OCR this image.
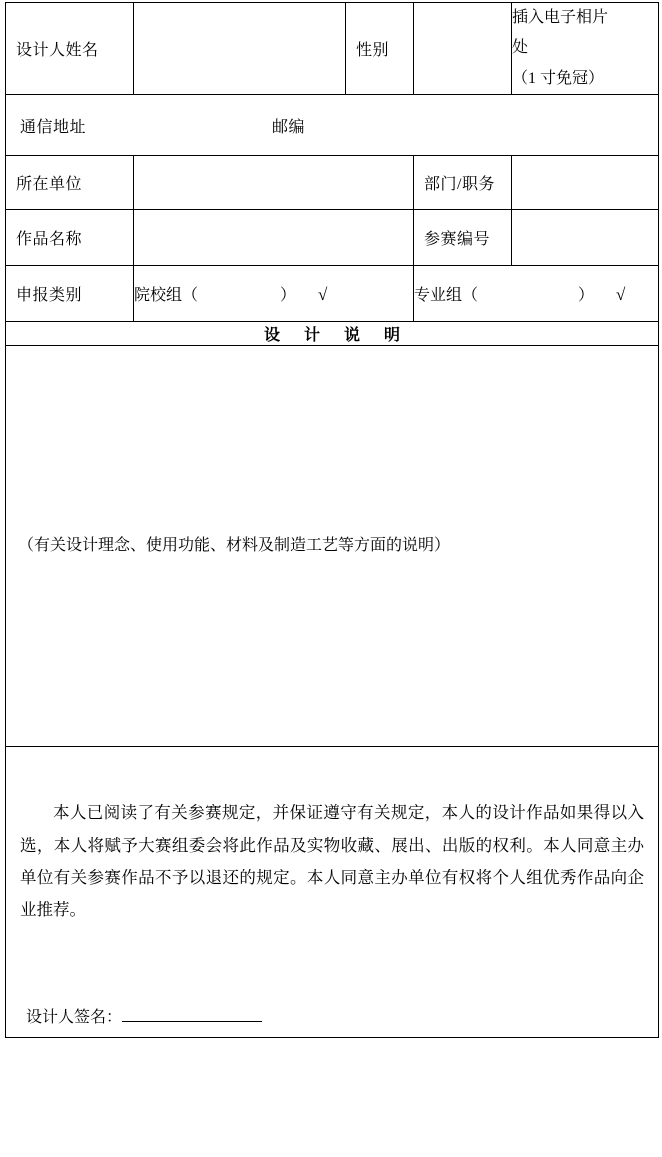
设计人姓名		性别		插入电子相片
处
（1 寸免冠）

通信地址 邮编				

所在单位			部门/职务	

作品名称			参赛编号	

申报类别	院校组（ ） √		专业组（ ） √	
设计说明				

（有关设计理念、使用功能、材料及制造工艺等方面的说明）				

本人已阅读了有关参赛规定，并保证遵守有关规定，本人的设计作品如果得以入选，本人将赋予大赛组委会将此作品及实物收藏、展出、出版的权利。本人同意主办单位有关参赛作品不予以退还的规定。本人同意主办单位有权将个人组优秀作品向企业推荐。

设计人签名：				
